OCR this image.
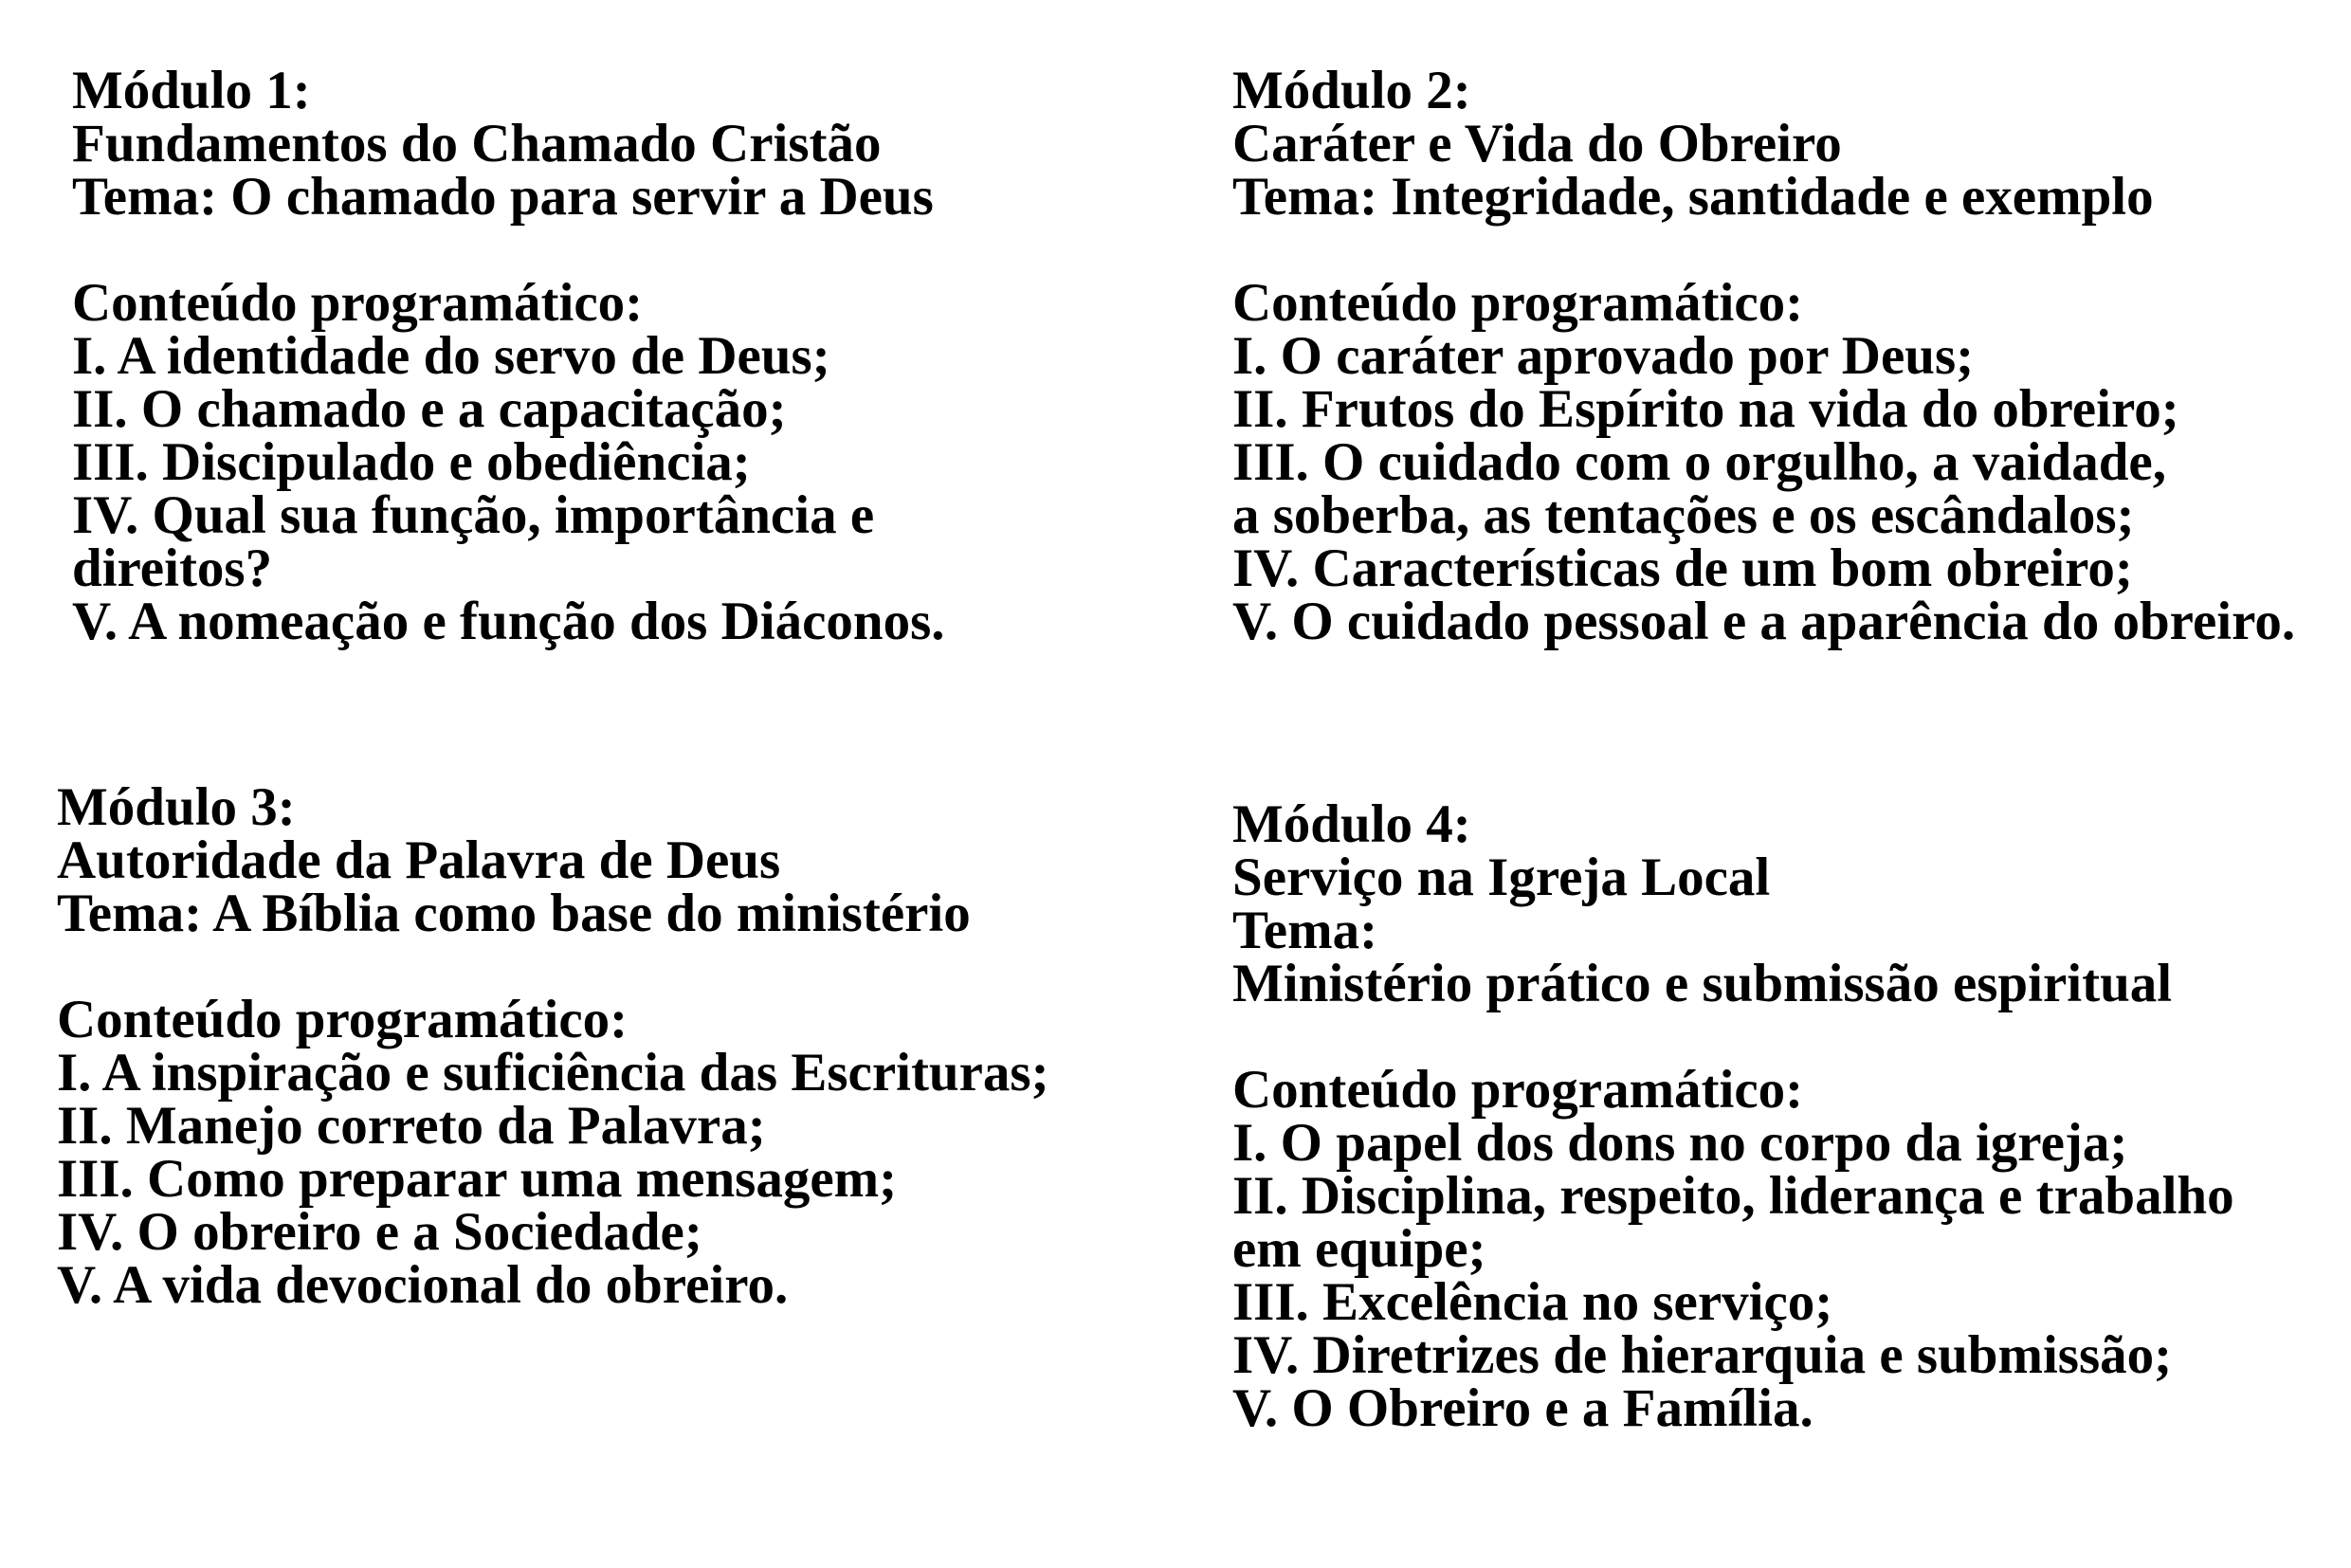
Módulo 1:
Fundamentos do Chamado Cristão
Tema: O chamado para servir a Deus
Conteúdo programático:
I. A identidade do servo de Deus;
II. O chamado e a capacitação;
III. Discipulado e obediência;
IV. Qual sua função, importância e
direitos?
V. A nomeação e função dos Diáconos.
Módulo 2:
Caráter e Vida do Obreiro
Tema: Integridade, santidade e exemplo
Conteúdo programático:
I. O caráter aprovado por Deus;
II. Frutos do Espírito na vida do obreiro;
III. O cuidado com o orgulho, a vaidade,
a soberba, as tentações e os escândalos;
IV. Características de um bom obreiro;
V. O cuidado pessoal e a aparência do obreiro.
Módulo 3:
Autoridade da Palavra de Deus
Tema: A Bíblia como base do ministério
Conteúdo programático:
I. A inspiração e suficiência das Escrituras;
II. Manejo correto da Palavra;
III. Como preparar uma mensagem;
IV. O obreiro e a Sociedade;
V. A vida devocional do obreiro.
Módulo 4:
Serviço na Igreja Local
Tema:
Ministério prático e submissão espiritual
Conteúdo programático:
I. O papel dos dons no corpo da igreja;
II. Disciplina, respeito, liderança e trabalho
em equipe;
III. Excelência no serviço;
IV. Diretrizes de hierarquia e submissão;
V. O Obreiro e a Família.
